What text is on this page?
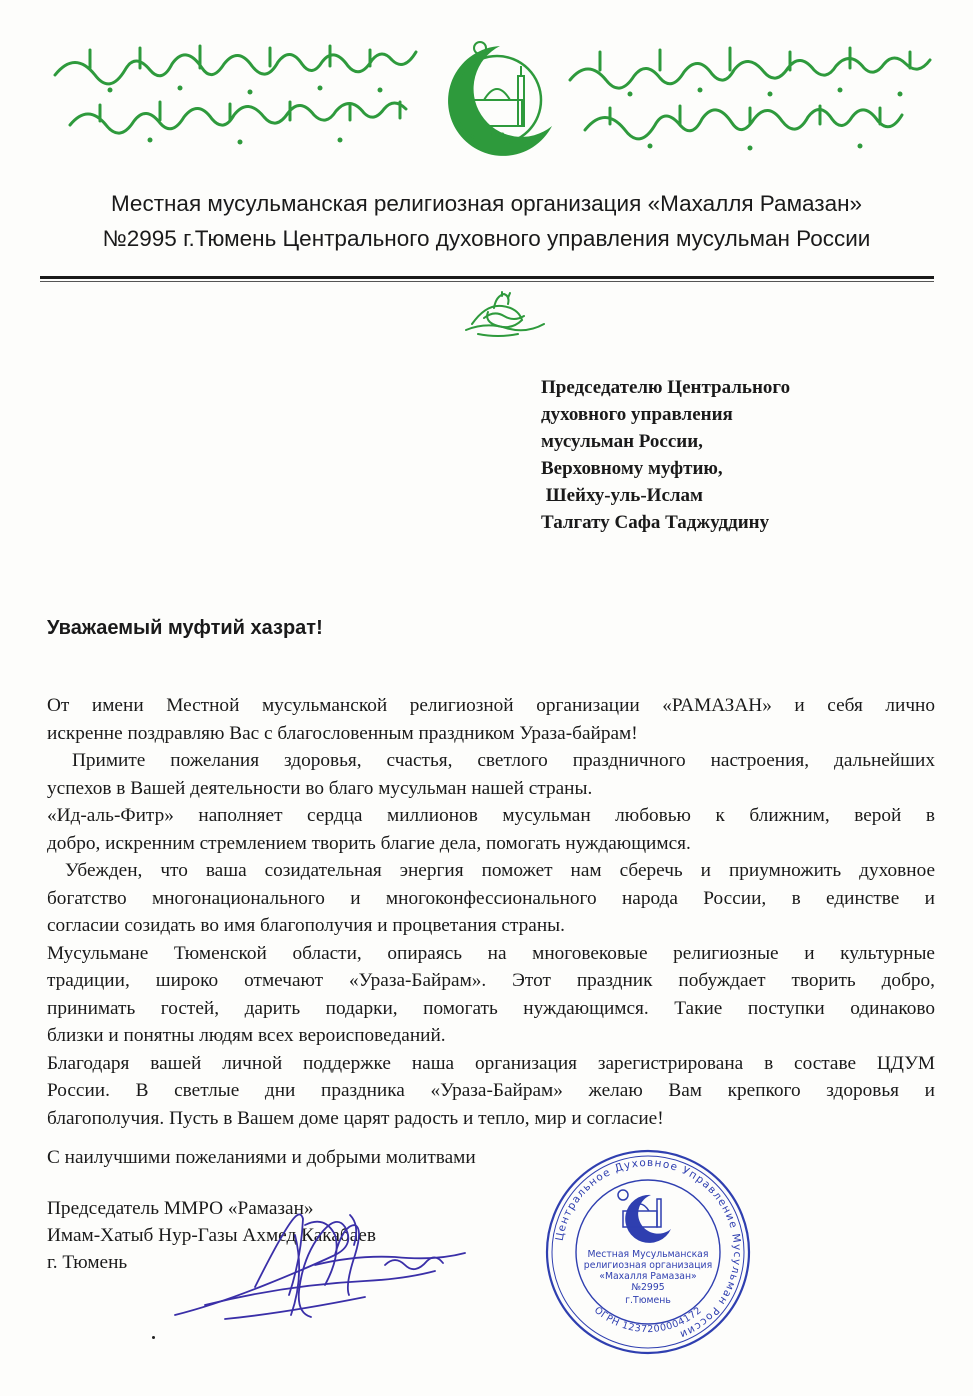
1788
Местная мусульманская религиозная организация «Махалля Рамазан»
№2995 г.Тюмень Центрального духовного управления мусульман России
Председателю Центрального
духовного управления
мусульман России,
Верховному муфтию,
Шейху-уль-Ислам
Талгату Сафа Таджуддину
Уважаемый муфтий хазрат!

От имени Местной мусульманской религиозной организации «РАМАЗАН» и себя лично

искренне поздравляю Вас с благословенным праздником Ураза-байрам!

Примите пожелания здоровья, счастья, светлого праздничного настроения, дальнейших

успехов в Вашей деятельности во благо мусульман нашей страны.

«Ид-аль-Фитр» наполняет сердца миллионов мусульман любовью к ближним, верой в

добро, искренним стремлением творить благие дела, помогать нуждающимся.

Убежден, что ваша созидательная энергия поможет нам сберечь и приумножить духовное

богатство многонационального и многоконфессионального народа России, в единстве и

согласии созидать во имя благополучия и процветания страны.

Мусульмане Тюменской области, опираясь на многовековые религиозные и культурные

традиции, широко отмечают «Ураза-Байрам». Этот праздник побуждает творить добро,

принимать гостей, дарить подарки, помогать нуждающимся. Такие поступки одинаково

близки и понятны людям всех вероисповеданий.

Благодаря вашей личной поддержке наша организация зарегистрирована в составе ЦДУМ

России. В светлые дни праздника «Ураза-Байрам» желаю Вам крепкого здоровья и

благополучия. Пусть в Вашем доме царят радость и тепло, мир и согласие!

С наилучшими пожеланиями и добрыми молитвами
Председатель ММРО «Рамазан»
Имам-Хатыб Нур-Газы Ахмед Какабаев
г. Тюмень
Центральное Духовное Управление Мусульман России
ОГРН 1237200004172
Местная Мусульманская
религиозная организация
«Махалля Рамазан»
№2995
г.Тюмень
